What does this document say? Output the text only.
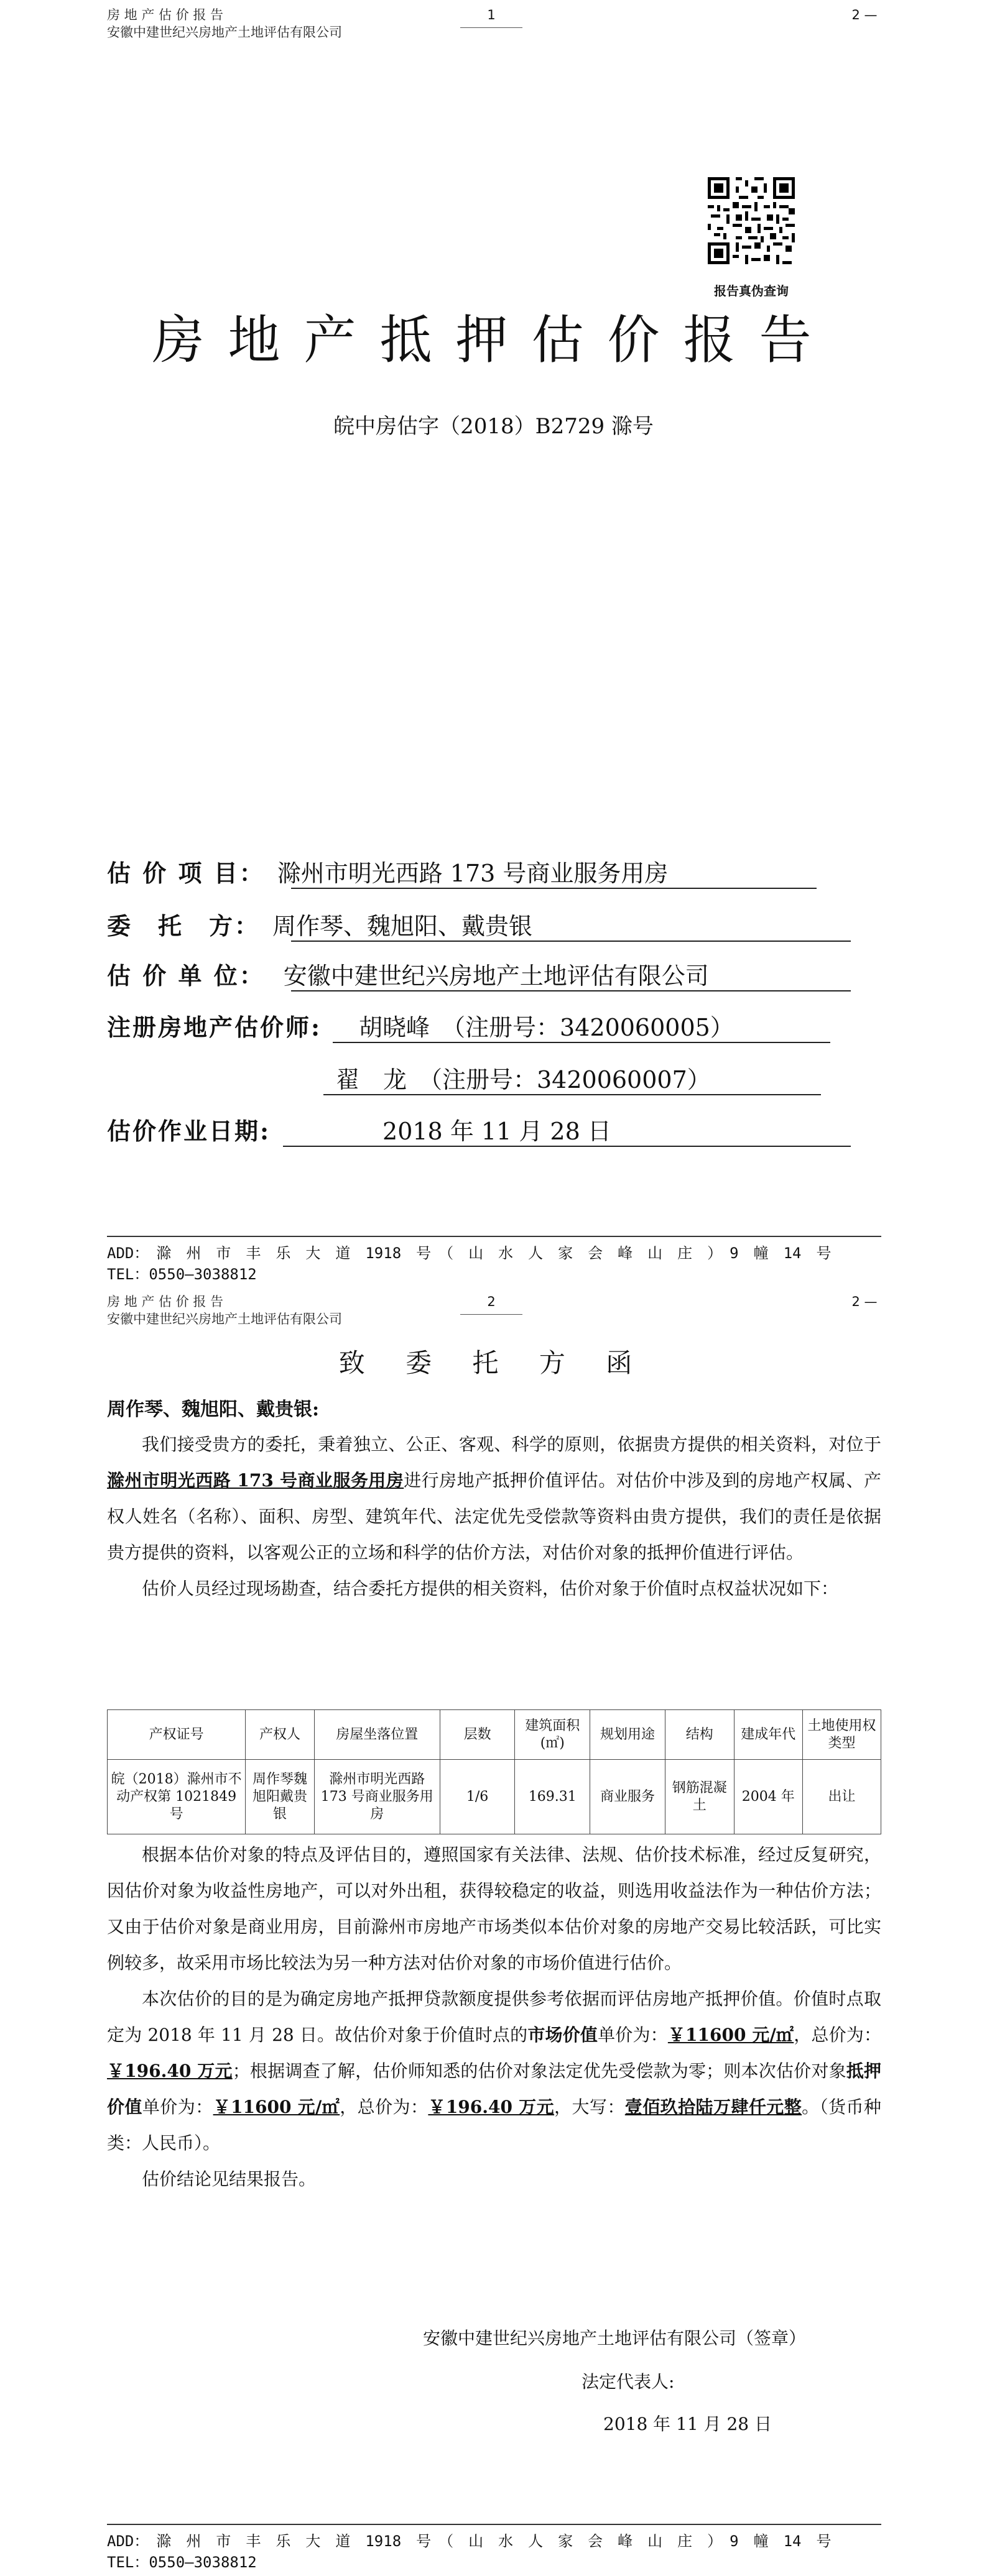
房 地 产 估 价 报 告
安徽中建世纪兴房地产土地评估有限公司
1	2 —
报告真伪查询
房地产抵押估价报告
皖中房估字（2018）B2729 滁号
估 价 项 目： 滁州市明光西路 173 号商业服务用房
委　托　方： 周作琴、魏旭阳、戴贵银
估 价 单 位： 安徽中建世纪兴房地产土地评估有限公司
注册房地产估价师: 胡晓峰　（注册号：3420060005）
翟　龙　（注册号：3420060007）
估价作业日期:	2018 年 11 月 28 日
ADD：　滁　州　市　丰　乐　大　道　1918　号　（　山　水　人　家　会　峰　山　庄　）　9　幢　14　号
TEL：0550—3038812
房 地 产 估 价 报 告
安徽中建世纪兴房地产土地评估有限公司
2	2 —
致 委 托 方 函
周作琴、魏旭阳、戴贵银:

我们接受贵方的委托，秉着独立、公正、客观、科学的原则，依据贵方提供的相关资料，对位于滁州市明光西路 173 号商业服务用房进行房地产抵押价值评估。对估价中涉及到的房地产权属、产权人姓名（名称）、面积、房型、建筑年代、法定优先受偿款等资料由贵方提供，我们的责任是依据贵方提供的资料，以客观公正的立场和科学的估价方法，对估价对象的抵押价值进行评估。

估价人员经过现场勘查，结合委托方提供的相关资料，估价对象于价值时点权益状况如下：

产权证号	产权人	房屋坐落位置	层数	建筑面积(㎡)	规划用途	结构	建成年代	土地使用权类型
皖（2018）滁州市不动产权第 1021849 号	周作琴魏旭阳戴贵银	滁州市明光西路 173 号商业服务用房	1/6	169.31	商业服务	钢筋混凝土	2004 年	出让

根据本估价对象的特点及评估目的，遵照国家有关法律、法规、估价技术标准，经过反复研究，因估价对象为收益性房地产，可以对外出租，获得较稳定的收益，则选用收益法作为一种估价方法；又由于估价对象是商业用房，目前滁州市房地产市场类似本估价对象的房地产交易比较活跃，可比实例较多，故采用市场比较法为另一种方法对估价对象的市场价值进行估价。

本次估价的目的是为确定房地产抵押贷款额度提供参考依据而评估房地产抵押价值。价值时点取定为 2018 年 11 月 28 日。故估价对象于价值时点的市场价值单价为：￥11600 元/㎡，总价为：￥196.40 万元；根据调查了解，估价师知悉的估价对象法定优先受偿款为零；则本次估价对象抵押价值单价为：￥11600 元/㎡，总价为：￥196.40 万元，大写：壹佰玖拾陆万肆仟元整。（货币种类：人民币）。

估价结论见结果报告。

安徽中建世纪兴房地产土地评估有限公司（签章）
法定代表人:
2018 年 11 月 28 日
ADD：　滁　州　市　丰　乐　大　道　1918　号　（　山　水　人　家　会　峰　山　庄　）　9　幢　14　号
TEL：0550—3038812
